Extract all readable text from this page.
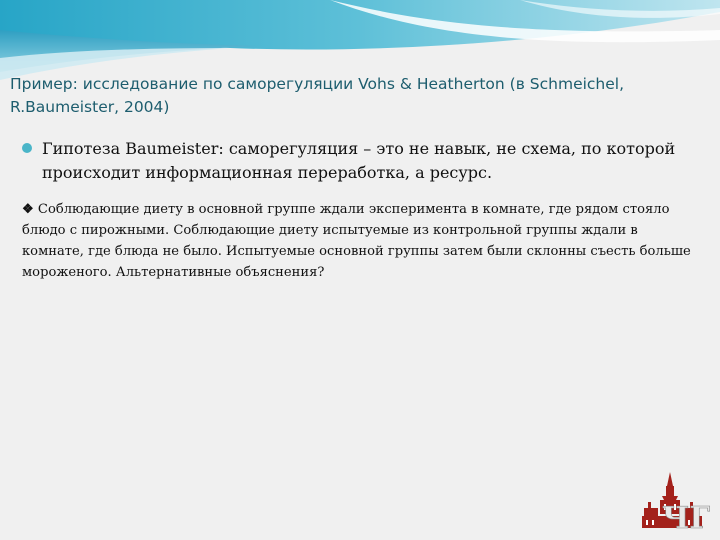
Пример: исследование по саморегуляции Vohs & Heatherton (в Schmeichel, R.Baumeister, 2004)
Гипотеза Baumeister: саморегуляция – это не навык, не схема, по которой происходит информационная переработка, а ресурс.
❖ Соблюдающие диету в основной группе ждали эксперимента в комнате, где рядом стояло блюдо с пирожными. Соблюдающие диету испытуемые из контрольной группы ждали в комнате, где блюда не было. Испытуемые основной группы затем были склонны съесть больше мороженого. Альтернативные объяснения?
ЧГ
